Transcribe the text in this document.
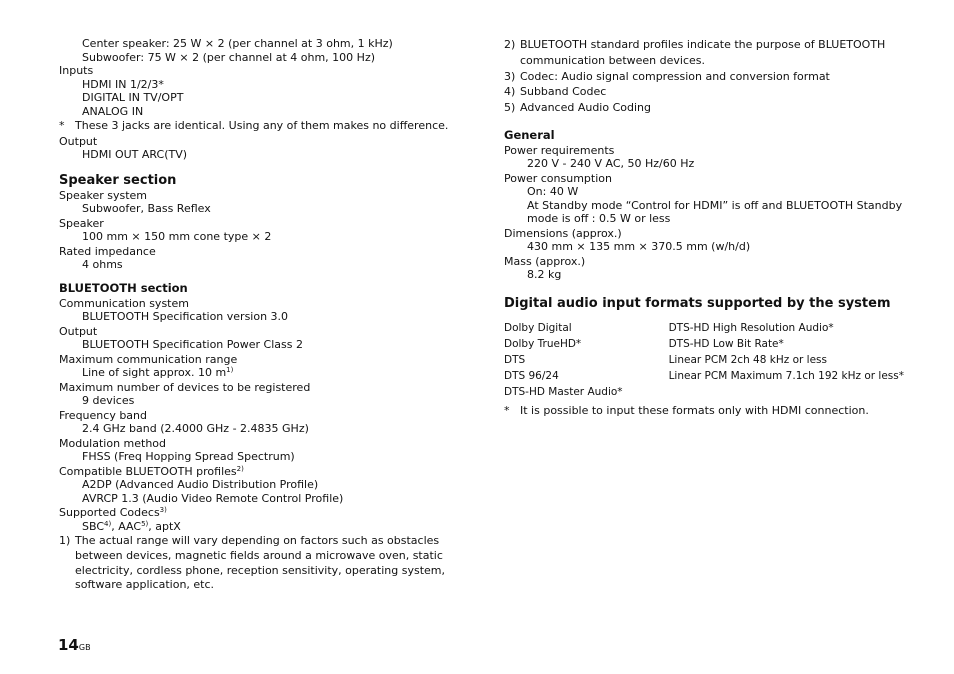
Center speaker: 25 W × 2 (per channel at 3 ohm, 1 kHz)
Subwoofer: 75 W × 2 (per channel at 4 ohm, 100 Hz)
Inputs
HDMI IN 1/2/3*
DIGITAL IN TV/OPT
ANALOG IN
* These 3 jacks are identical. Using any of them makes no difference.
Output
HDMI OUT ARC(TV)
Speaker section
Speaker system
Subwoofer, Bass Reflex
Speaker
100 mm × 150 mm cone type × 2
Rated impedance
4 ohms
BLUETOOTH section
Communication system
BLUETOOTH Specification version 3.0
Output
BLUETOOTH Specification Power Class 2
Maximum communication range
Line of sight approx. 10 $m^{1)}$
Maximum number of devices to be registered
9 devices
Frequency band
2.4 GHz band (2.4000 GHz - 2.4835 GHz)
Modulation method
FHSS (Freq Hopping Spread Spectrum)
Compatible BLUETOOTH profiles$^{2)}$
A2DP (Advanced Audio Distribution Profile)
AVRCP 1.3 (Audio Video Remote Control Profile)
Supported Codecs$^{3)}$
SBC$^{4)}$, AAC$^{5)}$, aptX
1) The actual range will vary depending on factors such as obstacles
between devices, magnetic fields around a microwave oven, static
electricity, cordless phone, reception sensitivity, operating system,
software application, etc.
2) BLUETOOTH standard profiles indicate the purpose of BLUETOOTH
communication between devices.
3) Codec: Audio signal compression and conversion format
4) Subband Codec
5) Advanced Audio Coding
General
Power requirements
220 V - 240 V AC, 50 Hz/60 Hz
Power consumption
On: 40 W
At Standby mode “Control for HDMI” is off and BLUETOOTH Standby
mode is off : 0.5 W or less
Dimensions (approx.)
430 mm × 135 mm × 370.5 mm (w/h/d)
Mass (approx.)
8.2 kg
Digital audio input formats supported by the system
Dolby Digital	DTS-HD High Resolution Audio*
Dolby TrueHD*	DTS-HD Low Bit Rate*
DTS	Linear PCM 2ch 48 kHz or less
DTS 96/24	Linear PCM Maximum 7.1ch 192 kHz or less*
DTS-HD Master Audio*	
* It is possible to input these formats only with HDMI connection.
14GB
